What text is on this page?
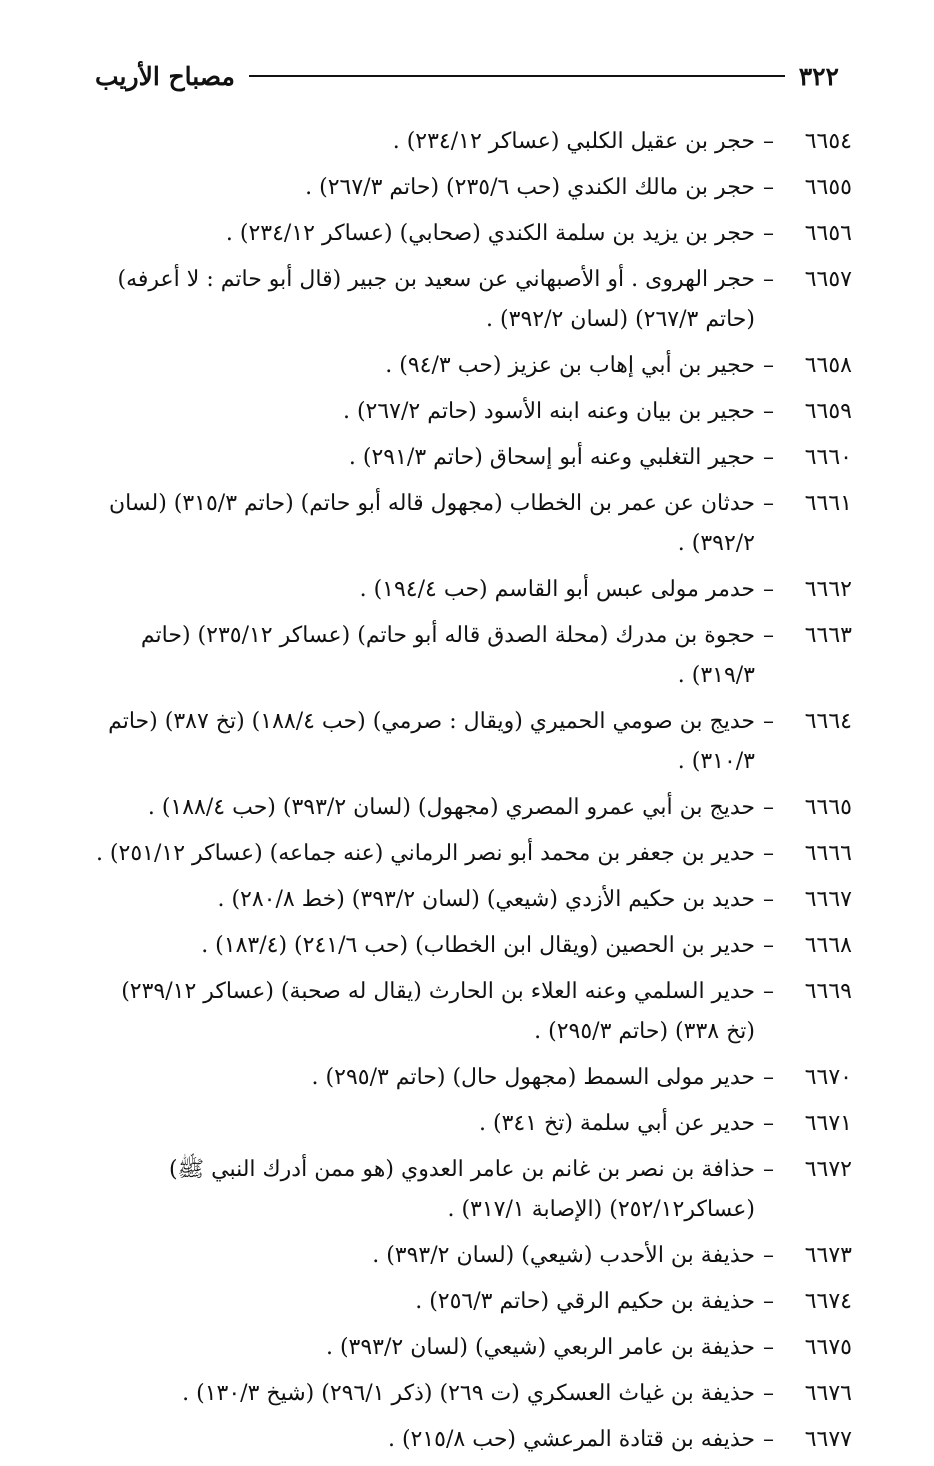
٣٢٢
مصباح الأريب
٦٦٥٤
–
حجر بن عقيل الكلبي (عساكر ٢٣٤/١٢) .
٦٦٥٥
–
حجر بن مالك الكندي (حب ٢٣٥/٦) (حاتم ٢٦٧/٣) .
٦٦٥٦
–
حجر بن يزيد بن سلمة الكندي (صحابي) (عساكر ٢٣٤/١٢) .
٦٦٥٧
–
حجر الهروى . أو الأصبهاني عن سعيد بن جبير (قال أبو حاتم : لا أعرفه) (حاتم ٢٦٧/٣) (لسان ٣٩٢/٢) .
٦٦٥٨
–
حجير بن أبي إهاب بن عزيز (حب ٩٤/٣) .
٦٦٥٩
–
حجير بن بيان وعنه ابنه الأسود (حاتم ٢٦٧/٢) .
٦٦٦٠
–
حجير التغلبي وعنه أبو إسحاق (حاتم ٢٩١/٣) .
٦٦٦١
–
حدثان عن عمر بن الخطاب (مجهول قاله أبو حاتم) (حاتم ٣١٥/٣) (لسان ٣٩٢/٢) .
٦٦٦٢
–
حدمر مولى عبس أبو القاسم (حب ١٩٤/٤) .
٦٦٦٣
–
حجوة بن مدرك (محلة الصدق قاله أبو حاتم) (عساكر ٢٣٥/١٢) (حاتم ٣١٩/٣) .
٦٦٦٤
–
حديج بن صومي الحميري (ويقال : صرمي) (حب ١٨٨/٤) (تخ ٣٨٧) (حاتم ٣١٠/٣) .
٦٦٦٥
–
حديج بن أبي عمرو المصري (مجهول) (لسان ٣٩٣/٢) (حب ١٨٨/٤) .
٦٦٦٦
–
حدير بن جعفر بن محمد أبو نصر الرماني (عنه جماعه) (عساكر ٢٥١/١٢) .
٦٦٦٧
–
حديد بن حكيم الأزدي (شيعي) (لسان ٣٩٣/٢) (خط ٢٨٠/٨) .
٦٦٦٨
–
حدير بن الحصين (ويقال ابن الخطاب) (حب ٢٤١/٦) (١٨٣/٤) .
٦٦٦٩
–
حدير السلمي وعنه العلاء بن الحارث (يقال له صحبة) (عساكر ٢٣٩/١٢) (تخ ٣٣٨) (حاتم ٢٩٥/٣) .
٦٦٧٠
–
حدير مولى السمط (مجهول حال) (حاتم ٢٩٥/٣) .
٦٦٧١
–
حدير عن أبي سلمة (تخ ٣٤١) .
٦٦٧٢
–
حذافة بن نصر بن غانم بن عامر العدوي (هو ممن أدرك النبي ﷺ) (عساكر٢٥٢/١٢) (الإصابة ٣١٧/١) .
٦٦٧٣
–
حذيفة بن الأحدب (شيعي) (لسان ٣٩٣/٢) .
٦٦٧٤
–
حذيفة بن حكيم الرقي (حاتم ٢٥٦/٣) .
٦٦٧٥
–
حذيفة بن عامر الربعي (شيعي) (لسان ٣٩٣/٢) .
٦٦٧٦
–
حذيفة بن غياث العسكري (ت ٢٦٩) (ذكر ٢٩٦/١) (شيخ ١٣٠/٣) .
٦٦٧٧
–
حذيفه بن قتادة المرعشي (حب ٢١٥/٨) .
